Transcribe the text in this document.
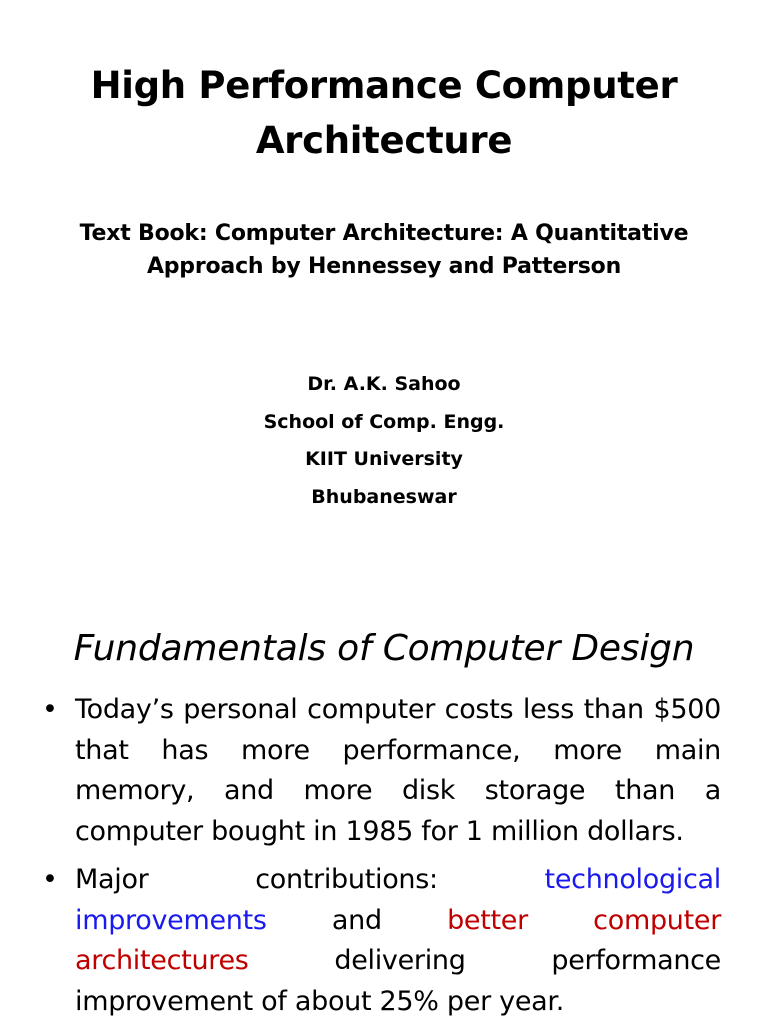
High Performance Computer Architecture
Text Book: Computer Architecture: A Quantitative Approach by Hennessey and Patterson
Dr. A.K. Sahoo
School of Comp. Engg.
KIIT University
Bhubaneswar
Fundamentals of Computer Design
• Today’s personal computer costs less than $500 that has more performance, more main memory, and more disk storage than a computer bought in 1985 for 1 million dollars.
• Major contributions: technological improvements and better computer architectures delivering performance improvement of about 25% per year.
